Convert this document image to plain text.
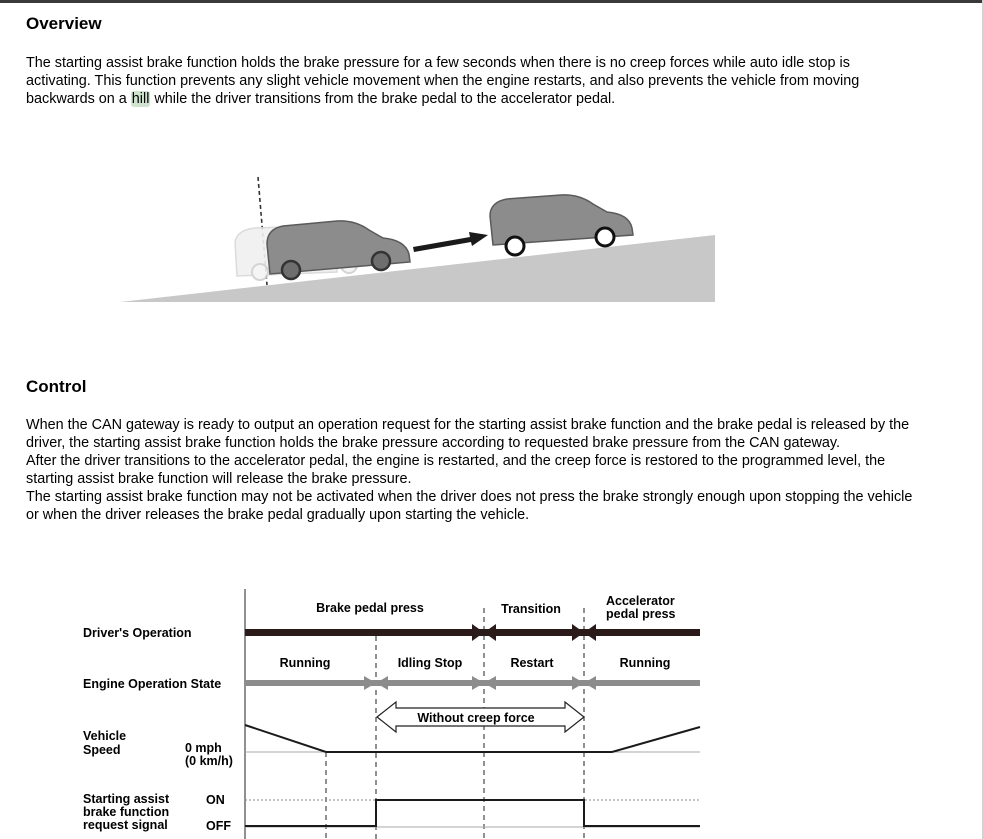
Overview
The starting assist brake function holds the brake pressure for a few seconds when there is no creep forces while auto idle stop is activating. This function prevents any slight vehicle movement when the engine restarts, and also prevents the vehicle from moving backwards on a hill while the driver transitions from the brake pedal to the accelerator pedal.
Control

When the CAN gateway is ready to output an operation request for the starting assist brake function and the brake pedal is released by the driver, the starting assist brake function holds the brake pressure according to requested brake pressure from the CAN gateway.

After the driver transitions to the accelerator pedal, the engine is restarted, and the creep force is restored to the programmed level, the starting assist brake function will release the brake pressure.

The starting assist brake function may not be activated when the driver does not press the brake strongly enough upon stopping the vehicle or when the driver releases the brake pedal gradually upon starting the vehicle.

Brake pedal press	Transition
Accelerator
pedal press
Driver's Operation
Running	Idling Stop	Restart	Running
Engine Operation State
Without creep force
Vehicle
Speed	0 mph
(0 km/h)
Starting assist
brake function
request signal
ON
OFF
